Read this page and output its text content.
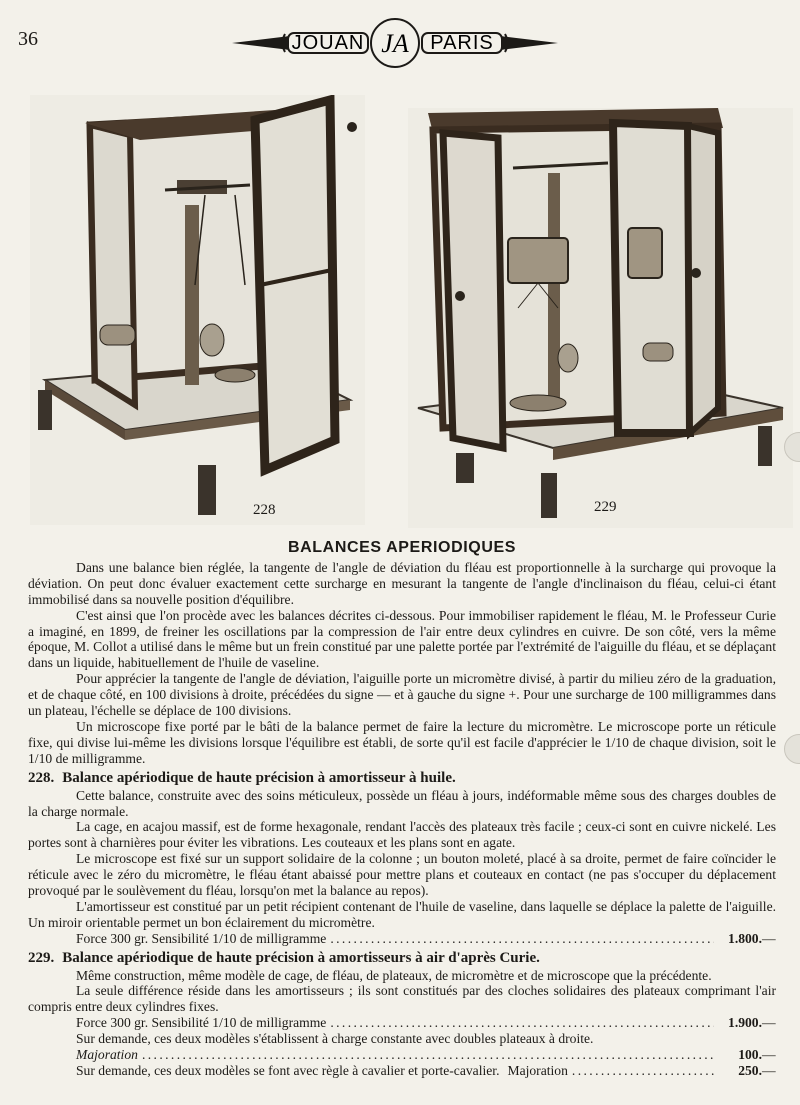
36	JOUAN	PARIS
JA
228	229
BALANCES APERIODIQUES

Dans une balance bien réglée, la tangente de l'angle de déviation du fléau est proportionnelle à la surcharge qui provoque la déviation. On peut donc évaluer exactement cette surcharge en mesurant la tangente de l'angle d'inclinaison du fléau, celui-ci étant immobilisé dans sa nouvelle position d'équilibre.

C'est ainsi que l'on procède avec les balances décrites ci-dessous. Pour immobiliser rapidement le fléau, M. le Professeur Curie a imaginé, en 1899, de freiner les oscillations par la compression de l'air entre deux cylindres en cuivre. De son côté, vers la même époque, M. Collot a utilisé dans le même but un frein constitué par une palette portée par l'extrémité de l'aiguille du fléau, et se déplaçant dans un liquide, habituellement de l'huile de vaseline.

Pour apprécier la tangente de l'angle de déviation, l'aiguille porte un micromètre divisé, à partir du milieu zéro de la graduation, et de chaque côté, en 100 divisions à droite, précédées du signe — et à gauche du signe +. Pour une surcharge de 100 milligrammes dans un plateau, l'échelle se déplace de 100 divisions.

Un microscope fixe porté par le bâti de la balance permet de faire la lecture du micromètre. Le microscope porte un réticule fixe, qui divise lui-même les divisions lorsque l'équilibre est établi, de sorte qu'il est facile d'apprécier le 1/10 de chaque division, soit le 1/10 de milligramme.

228. Balance apériodique de haute précision à amortisseur à huile.

Cette balance, construite avec des soins méticuleux, possède un fléau à jours, indéformable même sous des charges doubles de la charge normale.

La cage, en acajou massif, est de forme hexagonale, rendant l'accès des plateaux très facile ; ceux-ci sont en cuivre nickelé. Les portes sont à charnières pour éviter les vibrations. Les couteaux et les plans sont en agate.

Le microscope est fixé sur un support solidaire de la colonne ; un bouton moleté, placé à sa droite, permet de faire coïncider le réticule avec le zéro du micromètre, le fléau étant abaissé pour mettre plans et couteaux en contact (ne pas s'occuper du déplacement provoqué par le soulèvement du fléau, lorsqu'on met la balance au repos).

L'amortisseur est constitué par un petit récipient contenant de l'huile de vaseline, dans laquelle se déplace la palette de l'aiguille. Un miroir orientable permet un bon éclairement du micromètre.

Force 300 gr. Sensibilité 1/10 de milligramme . . .	1.800. —
229. Balance apériodique de haute précision à amortisseurs à air d'après Curie.

Même construction, même modèle de cage, de fléau, de plateaux, de micromètre et de microscope que la précédente.

La seule différence réside dans les amortisseurs ; ils sont constitués par des cloches solidaires des plateaux comprimant l'air compris entre deux cylindres fixes.

Force 300 gr. Sensibilité 1/10 de milligramme . . .	1.900. —

Sur demande, ces deux modèles s'établissent à charge constante avec doubles plateaux à droite.

Majoration . . .	100. —
Sur demande, ces deux modèles se font avec règle à cavalier et porte-cavalier. Majoration . . .	250. —
